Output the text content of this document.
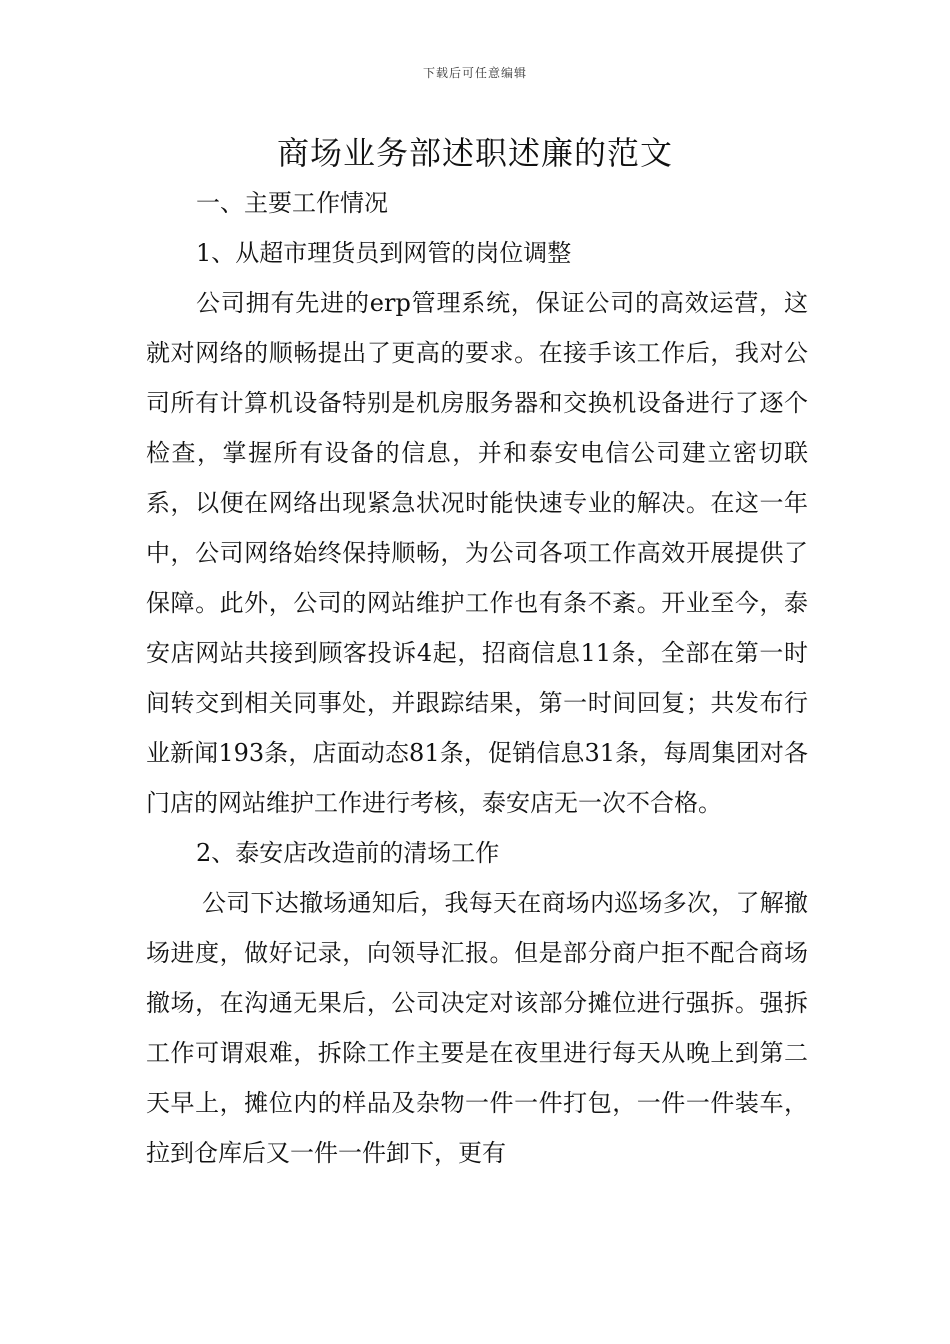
下载后可任意编辑
商场业务部述职述廉的范文

一、主要工作情况

1、从超市理货员到网管的岗位调整

公司拥有先进的erp管理系统，保证公司的高效运营，这就对网络的顺畅提出了更高的要求。在接手该工作后，我对公司所有计算机设备特别是机房服务器和交换机设备进行了逐个检查，掌握所有设备的信息，并和泰安电信公司建立密切联系，以便在网络出现紧急状况时能快速专业的解决。在这一年中，公司网络始终保持顺畅，为公司各项工作高效开展提供了保障。此外，公司的网站维护工作也有条不紊。开业至今，泰安店网站共接到顾客投诉4起，招商信息11条，全部在第一时间转交到相关同事处，并跟踪结果，第一时间回复；共发布行业新闻193条，店面动态81条，促销信息31条，每周集团对各门店的网站维护工作进行考核，泰安店无一次不合格。

2、泰安店改造前的清场工作

公司下达撤场通知后，我每天在商场内巡场多次，了解撤场进度，做好记录，向领导汇报。但是部分商户拒不配合商场撤场，在沟通无果后，公司决定对该部分摊位进行强拆。强拆工作可谓艰难，拆除工作主要是在夜里进行每天从晚上到第二天早上，摊位内的样品及杂物一件一件打包，一件一件装车，拉到仓库后又一件一件卸下，更有
